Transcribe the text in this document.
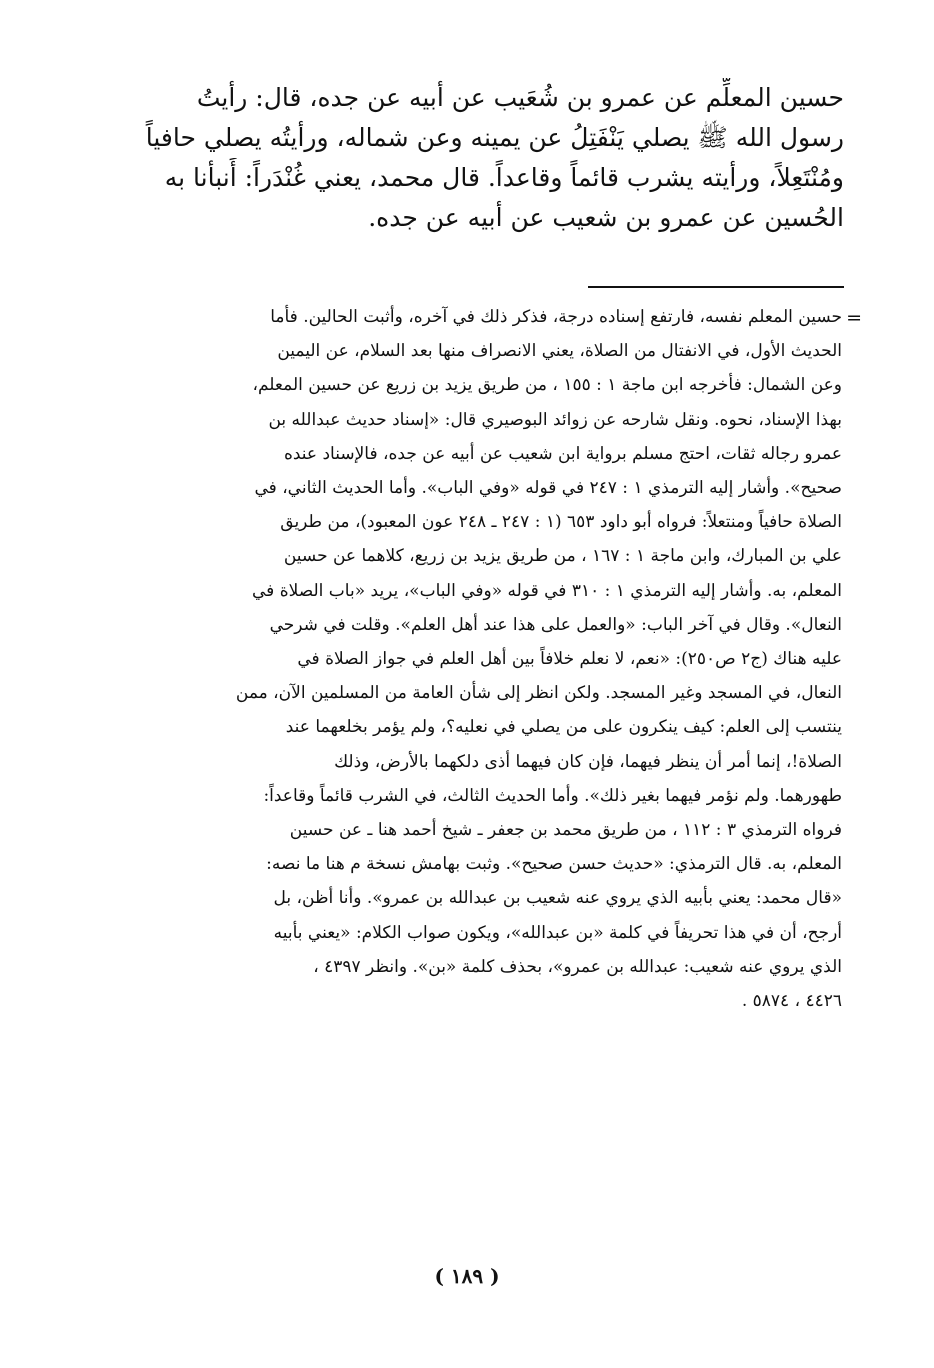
حسين المعلِّم عن عمرو بن شُعَيب عن أبيه عن جده، قال: رأيتُ
رسول الله ﷺ يصلي يَنْفَتِلُ عن يمينه وعن شماله، ورأيتُه يصلي حافياً
ومُنْتَعِلاً، ورأيته يشرب قائماً وقاعداً. قال محمد، يعني غُنْدَراً: أَنبأنا به
الحُسين عن عمرو بن شعيب عن أبيه عن جده.
=
حسين المعلم نفسه، فارتفع إسناده درجة، فذكر ذلك في آخره، وأثبت الحالين. فأما
الحديث الأول، في الانفتال من الصلاة، يعني الانصراف منها بعد السلام، عن اليمين
وعن الشمال: فأخرجه ابن ماجة ١ : ١٥٥ ، من طريق يزيد بن زريع عن حسين المعلم،
بهذا الإسناد، نحوه. ونقل شارحه عن زوائد البوصيري قال: «إسناد حديث عبدالله بن
عمرو رجاله ثقات، احتج مسلم برواية ابن شعيب عن أبيه عن جده، فالإسناد عنده
صحيح». وأشار إليه الترمذي ١ : ٢٤٧ في قوله «وفي الباب». وأما الحديث الثاني، في
الصلاة حافياً ومنتعلاً: فرواه أبو داود ٦٥٣ (١ : ٢٤٧ ـ ٢٤٨ عون المعبود)، من طريق
علي بن المبارك، وابن ماجة ١ : ١٦٧ ، من طريق يزيد بن زريع، كلاهما عن حسين
المعلم، به. وأشار إليه الترمذي ١ : ٣١٠ في قوله «وفي الباب»، يريد «باب الصلاة في
النعال». وقال في آخر الباب: «والعمل على هذا عند أهل العلم». وقلت في شرحي
عليه هناك (ج٢ ص٢٥٠): «نعم، لا نعلم خلافاً بين أهل العلم في جواز الصلاة في
النعال، في المسجد وغير المسجد. ولكن انظر إلى شأن العامة من المسلمين الآن، ممن
ينتسب إلى العلم: كيف ينكرون على من يصلي في نعليه؟، ولم يؤمر بخلعهما عند
الصلاة!، إنما أمر أن ينظر فيهما، فإن كان فيهما أذى دلكهما بالأرض، وذلك
طهورهما. ولم نؤمر فيهما بغير ذلك». وأما الحديث الثالث، في الشرب قائماً وقاعداً:
فرواه الترمذي ٣ : ١١٢ ، من طريق محمد بن جعفر ـ شيخ أحمد هنا ـ عن حسين
المعلم، به. قال الترمذي: «حديث حسن صحيح». وثبت بهامش نسخة م هنا ما نصه:
«قال محمد: يعني بأبيه الذي يروي عنه شعيب بن عبدالله بن عمرو». وأنا أظن، بل
أرجح، أن في هذا تحريفاً في كلمة «بن عبدالله»، ويكون صواب الكلام: «يعني بأبيه
الذي يروي عنه شعيب: عبدالله بن عمرو»، بحذف كلمة «بن». وانظر ٤٣٩٧ ،
٤٤٢٦ ، ٥٨٧٤ .
( ١٨٩ )
